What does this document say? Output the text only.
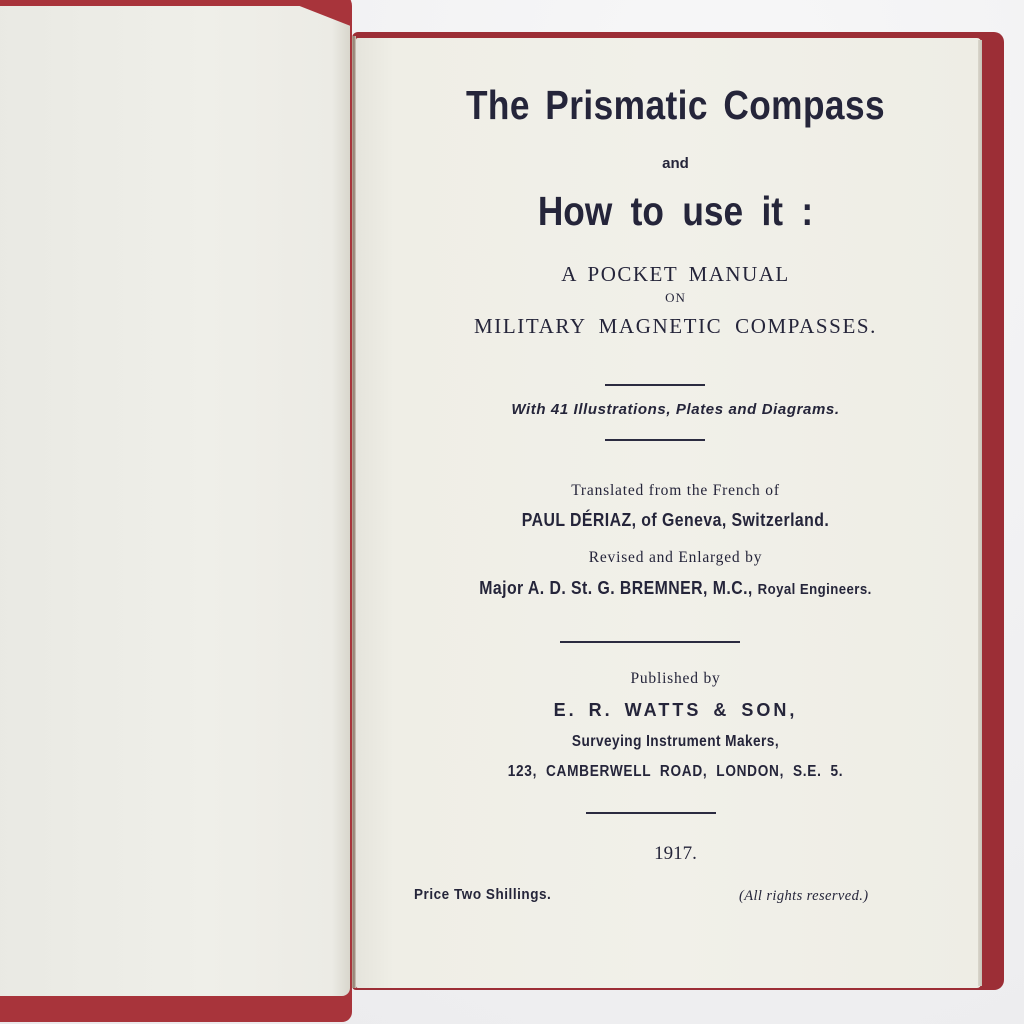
The Prismatic Compass
and
How to use it :
A POCKET MANUAL
ON
MILITARY MAGNETIC COMPASSES.
With 41 Illustrations, Plates and Diagrams.
Translated from the French of
PAUL DÉRIAZ, of Geneva, Switzerland.
Revised and Enlarged by
Major A. D. St. G. BREMNER, M.C., Royal Engineers.
Published by
E. R. WATTS & SON,
Surveying Instrument Makers,
123, CAMBERWELL ROAD, LONDON, S.E. 5.
1917.
Price Two Shillings.	(All rights reserved.)
